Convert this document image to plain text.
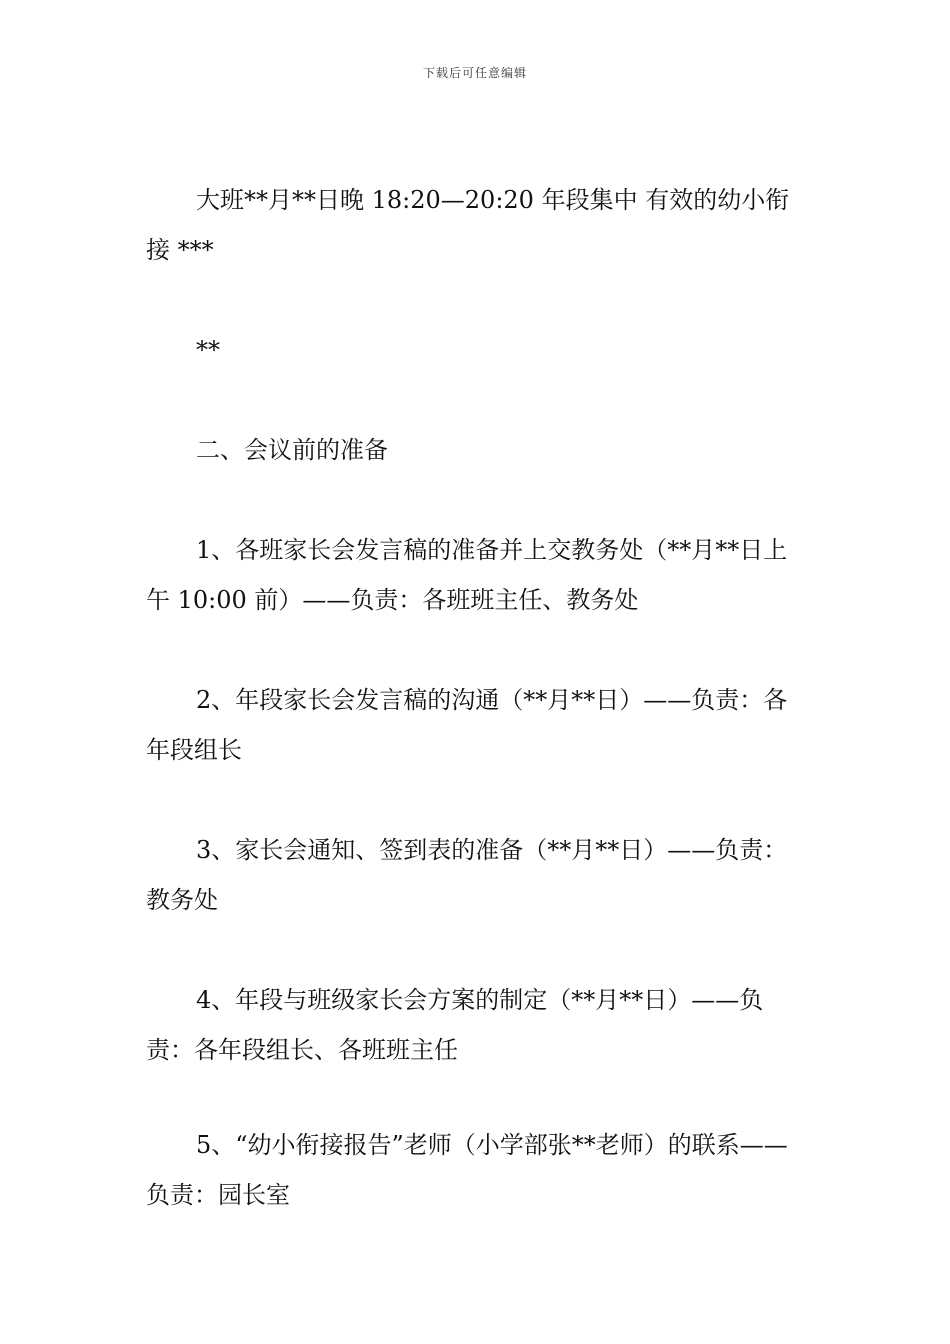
下载后可任意编辑

大班**月**日晚 18:20—20:20 年段集中 有效的幼小衔接 ***

**

二、会议前的准备

1、各班家长会发言稿的准备并上交教务处（**月**日上午 10:00 前）——负责：各班班主任、教务处

2、年段家长会发言稿的沟通（**月**日）——负责：各年段组长

3、家长会通知、签到表的准备（**月**日）——负责：教务处

4、年段与班级家长会方案的制定（**月**日）——负责：各年段组长、各班班主任

5、“幼小衔接报告”老师（小学部张**老师）的联系——负责：园长室
